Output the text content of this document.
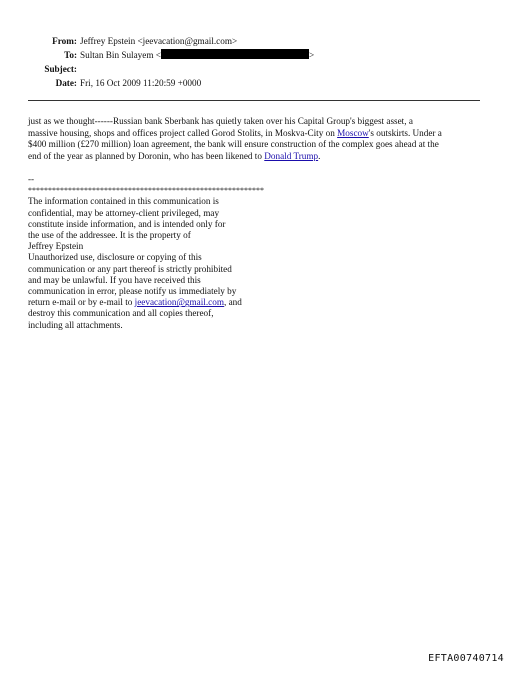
From: Jeffrey Epstein <jeevacation@gmail.com>
To: Sultan Bin Sulayem <	>
Subject:
Date: Fri, 16 Oct 2009 11:20:59 +0000

just as we thought------Russian bank Sberbank has quietly taken over his Capital Group's biggest asset, a

massive housing, shops and offices project called Gorod Stolits, in Moskva-City on Moscow's outskirts. Under a

$400 million (£270 million) loan agreement, the bank will ensure construction of the complex goes ahead at the

end of the year as planned by Doronin, who has been likened to Donald Trump.

--
***********************************************************
The information contained in this communication is
confidential, may be attorney-client privileged, may
constitute inside information, and is intended only for
the use of the addressee. It is the property of
Jeffrey Epstein
Unauthorized use, disclosure or copying of this
communication or any part thereof is strictly prohibited
and may be unlawful. If you have received this
communication in error, please notify us immediately by
return e-mail or by e-mail to jeevacation@gmail.com, and
destroy this communication and all copies thereof,
including all attachments.
EFTA00740714
